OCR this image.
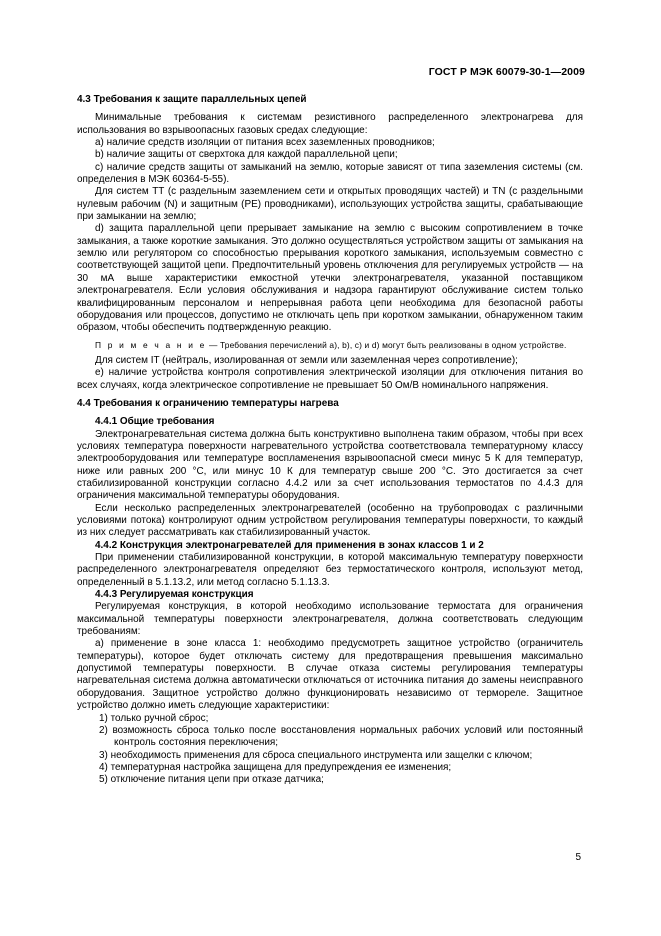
ГОСТ Р МЭК 60079-30-1—2009

4.3 Требования к защите параллельных цепей

Минимальные требования к системам резистивного распределенного электронагрева для использования во взрывоопасных газовых средах следующие:

а) наличие средств изоляции от питания всех заземленных проводников;

b) наличие защиты от сверхтока для каждой параллельной цепи;

с) наличие средств защиты от замыканий на землю, которые зависят от типа заземления системы (см. определения в МЭК 60364-5-55).

Для систем ТТ (с раздельным заземлением сети и открытых проводящих частей) и TN (с раздельными нулевым рабочим (N) и защитным (РЕ) проводниками), использующих устройства защиты, срабатывающие при замыкании на землю;

d) защита параллельной цепи прерывает замыкание на землю с высоким сопротивлением в точке замыкания, а также короткие замыкания. Это должно осуществляться устройством защиты от замыкания на землю или регулятором со способностью прерывания короткого замыкания, используемым совместно с соответствующей защитой цепи. Предпочтительный уровень отключения для регулируемых устройств — на 30 мА выше характеристики емкостной утечки электронагревателя, указанной поставщиком электронагревателя. Если условия обслуживания и надзора гарантируют обслуживание систем только квалифицированным персоналом и непрерывная работа цепи необходима для безопасной работы оборудования или процессов, допустимо не отключать цепь при коротком замыкании, обнаруженном таким образом, чтобы обеспечить подтвержденную реакцию.

П р и м е ч а н и е — Требования перечислений а), b), с) и d) могут быть реализованы в одном устройстве.

Для систем IT (нейтраль, изолированная от земли или заземленная через сопротивление);

е) наличие устройства контроля сопротивления электрической изоляции для отключения питания во всех случаях, когда электрическое сопротивление не превышает 50 Ом/В номинального напряжения.

4.4 Требования к ограничению температуры нагрева

4.4.1 Общие требования

Электронагревательная система должна быть конструктивно выполнена таким образом, чтобы при всех условиях температура поверхности нагревательного устройства соответствовала температурному классу электрооборудования или температуре воспламенения взрывоопасной смеси минус 5 К для температур, ниже или равных 200 °С, или минус 10 К для температур свыше 200 °С. Это достигается за счет стабилизированной конструкции согласно 4.4.2 или за счет использования термостатов по 4.4.3 для ограничения максимальной температуры оборудования.

Если несколько распределенных электронагревателей (особенно на трубопроводах с различными условиями потока) контролируют одним устройством регулирования температуры поверхности, то каждый из них следует рассматривать как стабилизированный участок.

4.4.2 Конструкция электронагревателей для применения в зонах классов 1 и 2

При применении стабилизированной конструкции, в которой максимальную температуру поверхности распределенного электронагревателя определяют без термостатического контроля, используют метод, определенный в 5.1.13.2, или метод согласно 5.1.13.3.

4.4.3 Регулируемая конструкция

Регулируемая конструкция, в которой необходимо использование термостата для ограничения максимальной температуры поверхности электронагревателя, должна соответствовать следующим требованиям:

а) применение в зоне класса 1: необходимо предусмотреть защитное устройство (ограничитель температуры), которое будет отключать систему для предотвращения превышения максимально допустимой температуры поверхности. В случае отказа системы регулирования температуры нагревательная система должна автоматически отключаться от источника питания до замены неисправного оборудования. Защитное устройство должно функционировать независимо от терморелe. Защитное устройство должно иметь следующие характеристики:

1) только ручной сброс;

2) возможность сброса только после восстановления нормальных рабочих условий или постоянный контроль состояния переключения;

3) необходимость применения для сброса специального инструмента или защелки с ключом;

4) температурная настройка защищена для предупреждения ее изменения;

5) отключение питания цепи при отказе датчика;

5
